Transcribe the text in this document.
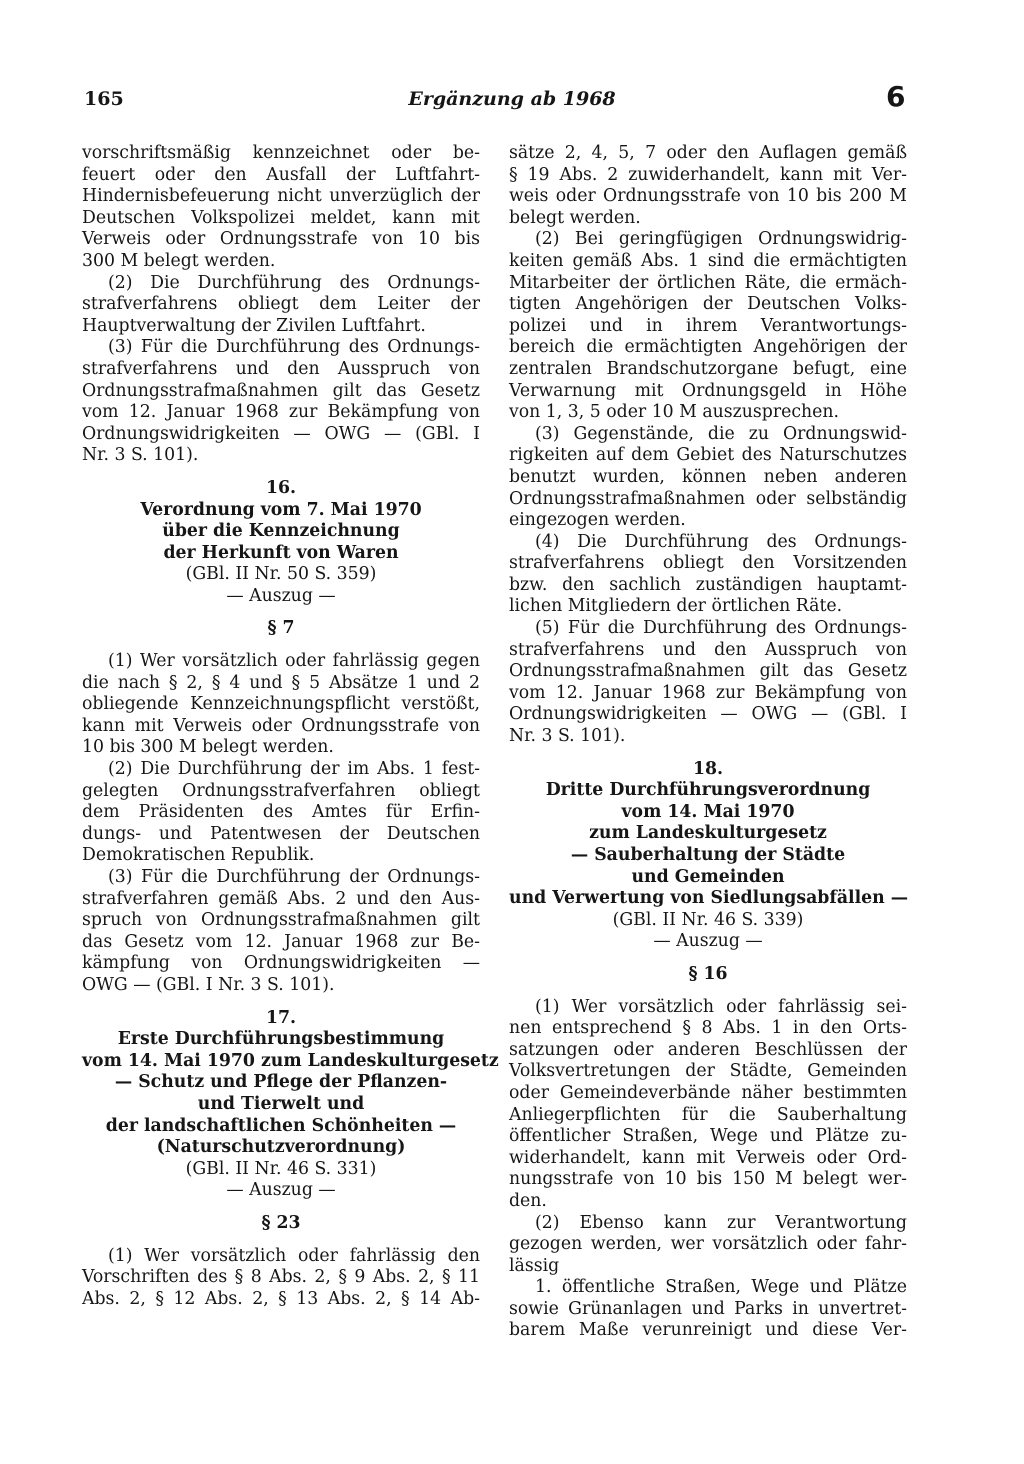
165	Ergänzung ab 1968	6
vorschriftsmäßig kennzeichnet oder be-
feuert oder den Ausfall der Luftfahrt-
Hindernisbefeuerung nicht unverzüglich der
Deutschen Volkspolizei meldet, kann mit
Verweis oder Ordnungsstrafe von 10 bis
300 M belegt werden.
(2) Die Durchführung des Ordnungs-
strafverfahrens obliegt dem Leiter der
Hauptverwaltung der Zivilen Luftfahrt.
(3) Für die Durchführung des Ordnungs-
strafverfahrens und den Ausspruch von
Ordnungsstrafmaßnahmen gilt das Gesetz
vom 12. Januar 1968 zur Bekämpfung von
Ordnungswidrigkeiten — OWG — (GBl. I
Nr. 3 S. 101).
16.
Verordnung vom 7. Mai 1970
über die Kennzeichnung
der Herkunft von Waren
(GBl. II Nr. 50 S. 359)
— Auszug —
§ 7
(1) Wer vorsätzlich oder fahrlässig gegen
die nach § 2, § 4 und § 5 Absätze 1 und 2
obliegende Kennzeichnungspflicht verstößt,
kann mit Verweis oder Ordnungsstrafe von
10 bis 300 M belegt werden.
(2) Die Durchführung der im Abs. 1 fest-
gelegten Ordnungsstrafverfahren obliegt
dem Präsidenten des Amtes für Erfin-
dungs- und Patentwesen der Deutschen
Demokratischen Republik.
(3) Für die Durchführung der Ordnungs-
strafverfahren gemäß Abs. 2 und den Aus-
spruch von Ordnungsstrafmaßnahmen gilt
das Gesetz vom 12. Januar 1968 zur Be-
kämpfung von Ordnungswidrigkeiten —
OWG — (GBl. I Nr. 3 S. 101).
17.
Erste Durchführungsbestimmung
vom 14. Mai 1970 zum Landeskulturgesetz
— Schutz und Pflege der Pflanzen-
und Tierwelt und
der landschaftlichen Schönheiten —
(Naturschutzverordnung)
(GBl. II Nr. 46 S. 331)
— Auszug —
§ 23
(1) Wer vorsätzlich oder fahrlässig den
Vorschriften des § 8 Abs. 2, § 9 Abs. 2, § 11
Abs. 2, § 12 Abs. 2, § 13 Abs. 2, § 14 Ab-
sätze 2, 4, 5, 7 oder den Auflagen gemäß
§ 19 Abs. 2 zuwiderhandelt, kann mit Ver-
weis oder Ordnungsstrafe von 10 bis 200 M
belegt werden.
(2) Bei geringfügigen Ordnungswidrig-
keiten gemäß Abs. 1 sind die ermächtigten
Mitarbeiter der örtlichen Räte, die ermäch-
tigten Angehörigen der Deutschen Volks-
polizei und in ihrem Verantwortungs-
bereich die ermächtigten Angehörigen der
zentralen Brandschutzorgane befugt, eine
Verwarnung mit Ordnungsgeld in Höhe
von 1, 3, 5 oder 10 M auszusprechen.
(3) Gegenstände, die zu Ordnungswid-
rigkeiten auf dem Gebiet des Naturschutzes
benutzt wurden, können neben anderen
Ordnungsstrafmaßnahmen oder selbständig
eingezogen werden.
(4) Die Durchführung des Ordnungs-
strafverfahrens obliegt den Vorsitzenden
bzw. den sachlich zuständigen hauptamt-
lichen Mitgliedern der örtlichen Räte.
(5) Für die Durchführung des Ordnungs-
strafverfahrens und den Ausspruch von
Ordnungsstrafmaßnahmen gilt das Gesetz
vom 12. Januar 1968 zur Bekämpfung von
Ordnungswidrigkeiten — OWG — (GBl. I
Nr. 3 S. 101).
18.
Dritte Durchführungsverordnung
vom 14. Mai 1970
zum Landeskulturgesetz
— Sauberhaltung der Städte
und Gemeinden
und Verwertung von Siedlungsabfällen —
(GBl. II Nr. 46 S. 339)
— Auszug —
§ 16
(1) Wer vorsätzlich oder fahrlässig sei-
nen entsprechend § 8 Abs. 1 in den Orts-
satzungen oder anderen Beschlüssen der
Volksvertretungen der Städte, Gemeinden
oder Gemeindeverbände näher bestimmten
Anliegerpflichten für die Sauberhaltung
öffentlicher Straßen, Wege und Plätze zu-
widerhandelt, kann mit Verweis oder Ord-
nungsstrafe von 10 bis 150 M belegt wer-
den.
(2) Ebenso kann zur Verantwortung
gezogen werden, wer vorsätzlich oder fahr-
lässig
1. öffentliche Straßen, Wege und Plätze
sowie Grünanlagen und Parks in unvertret-
barem Maße verunreinigt und diese Ver-
